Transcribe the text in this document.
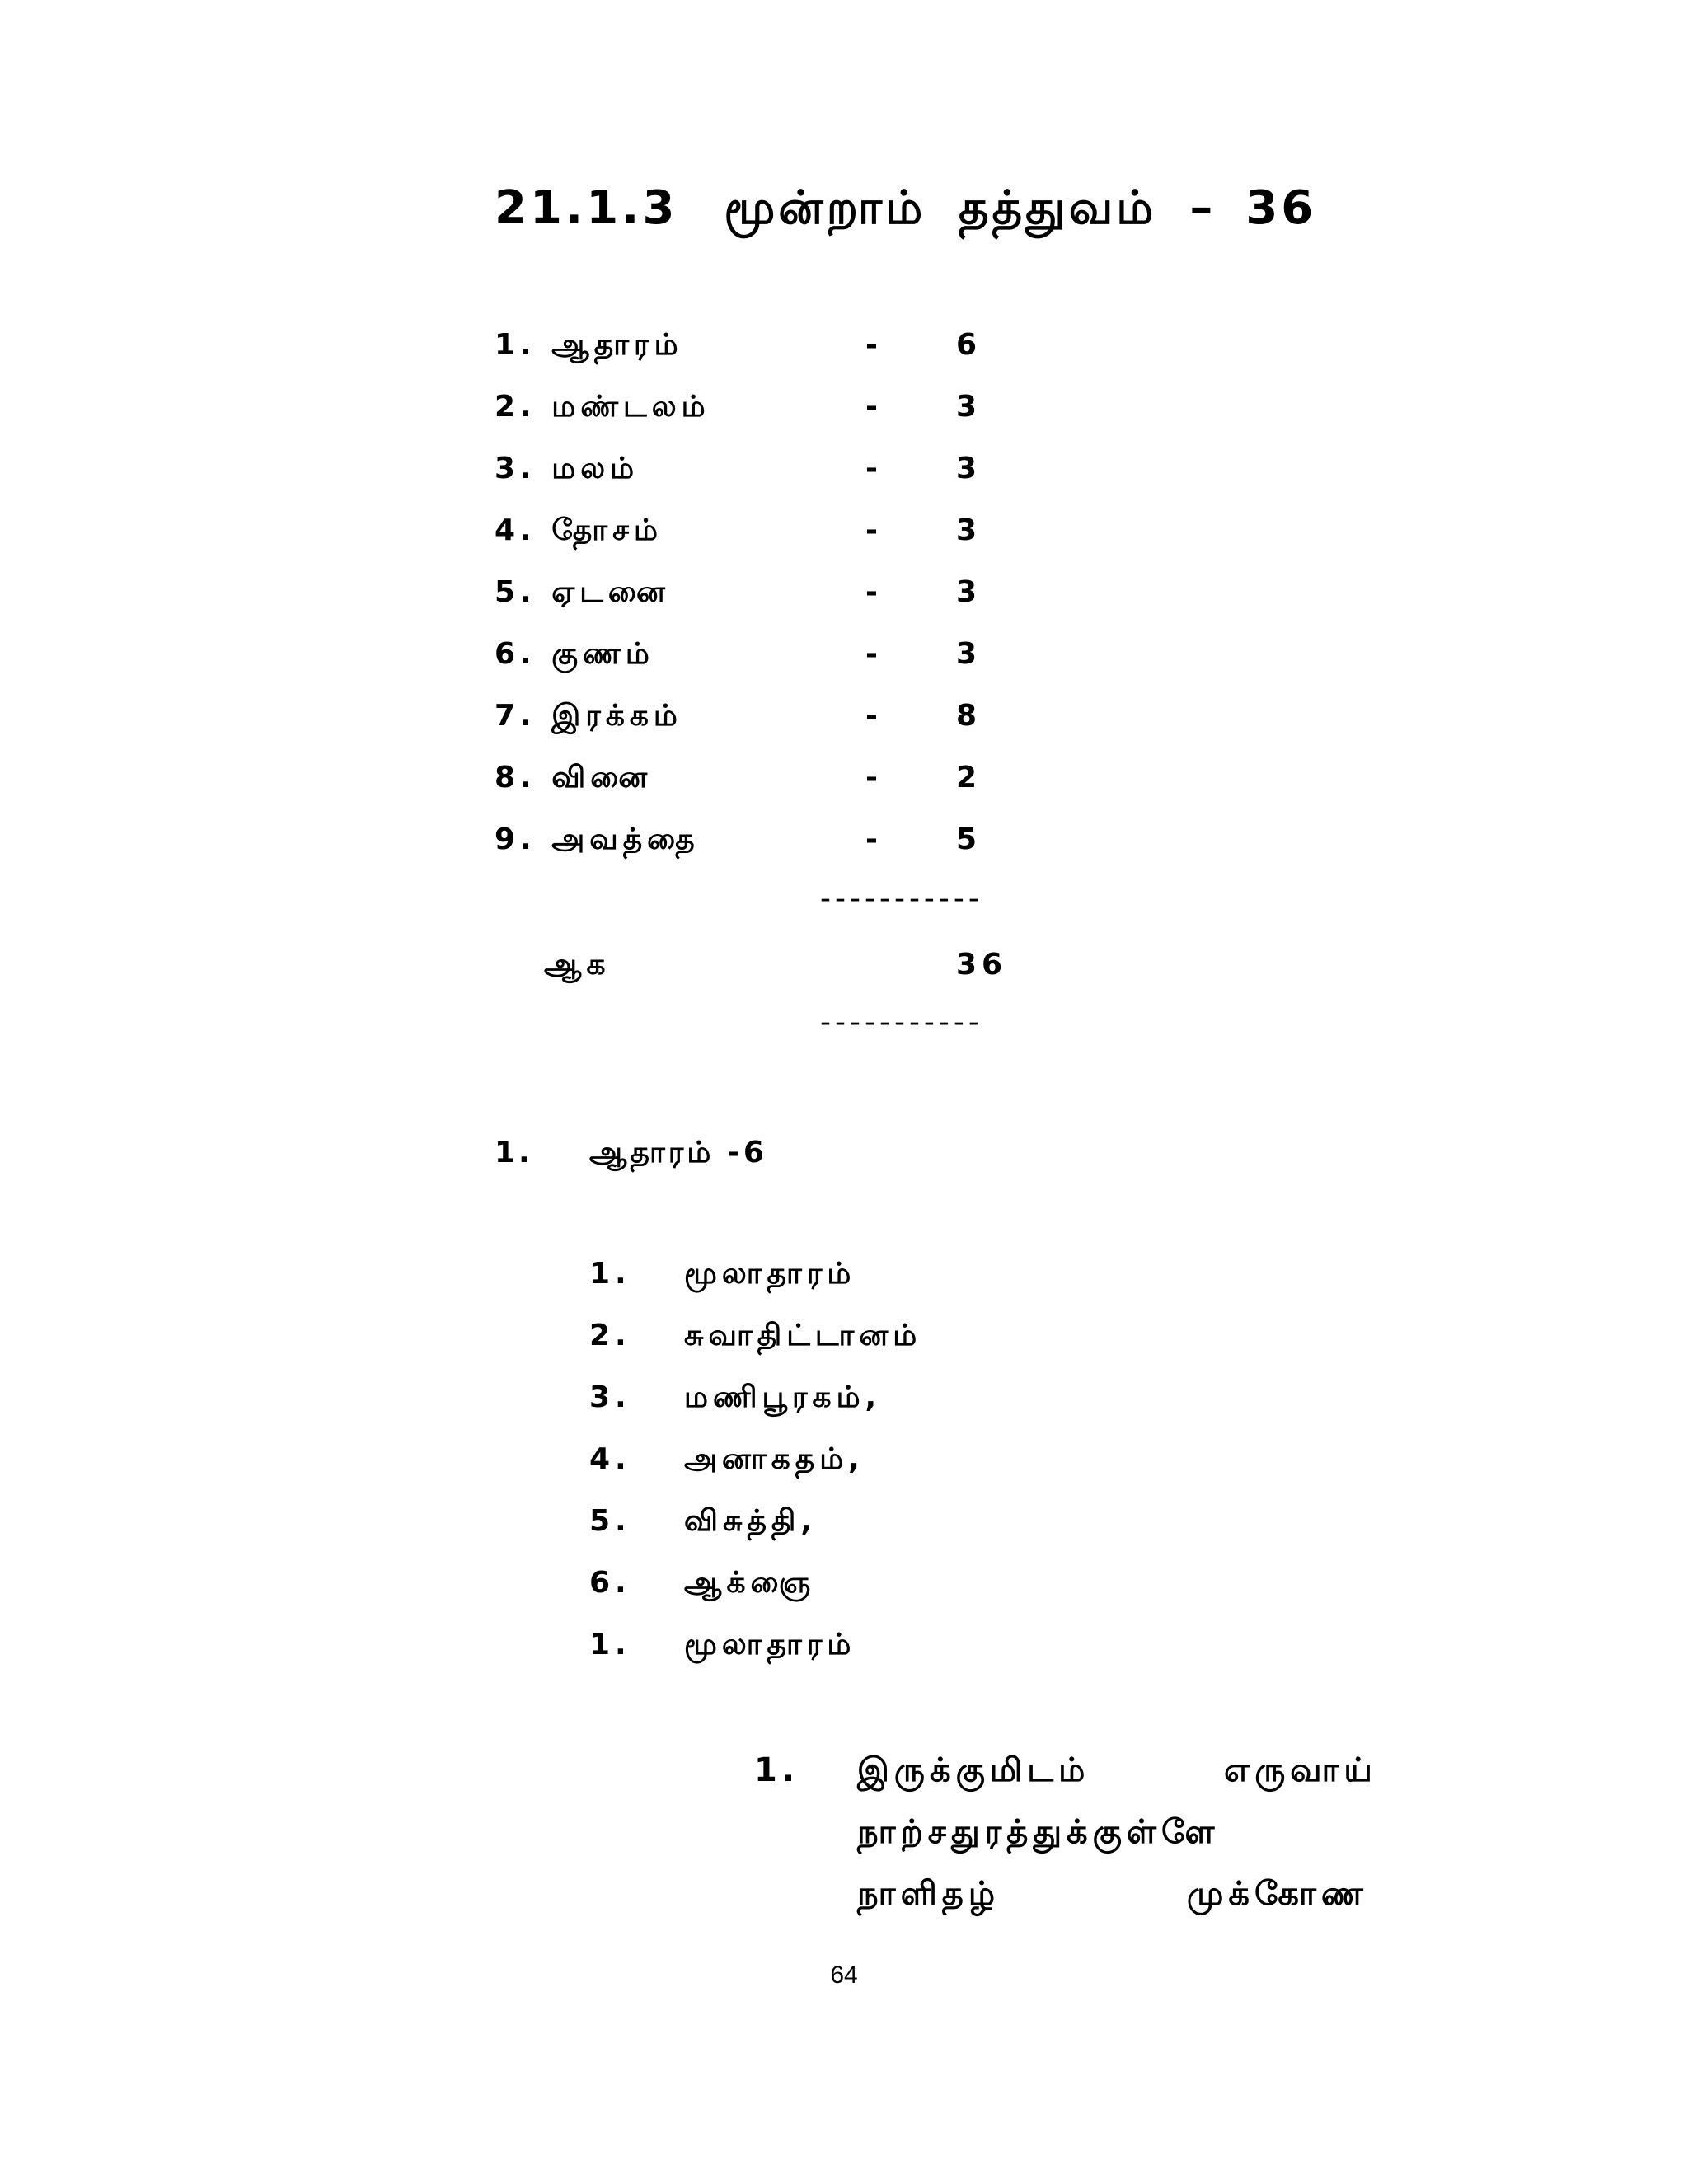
21.1.3 மூன்றாம் தத்துவம் – 36
1. ஆதாரம்	- 6
2. மண்டலம்	- 3
3. மலம்	- 3
4. தோசம்	- 3
5. ஏடனை	- 3
6. குணம்	- 3
7. இரக்கம்	- 8
8. வினை	- 2
9. அவத்தை	- 5
-----------
ஆக	36
-----------
1. ஆதாரம் -6
1. மூலாதாரம்
2. சுவாதிட்டானம்
3. மணிபூரகம்,
4. அனாகதம்,
5. விசுத்தி,
6. ஆக்ஞை
1. மூலாதாரம்
1. இருக்குமிடம்	எருவாய்
நாற்சதுரத்துக்குள்ளே
நாளிதழ்	முக்கோண
64
